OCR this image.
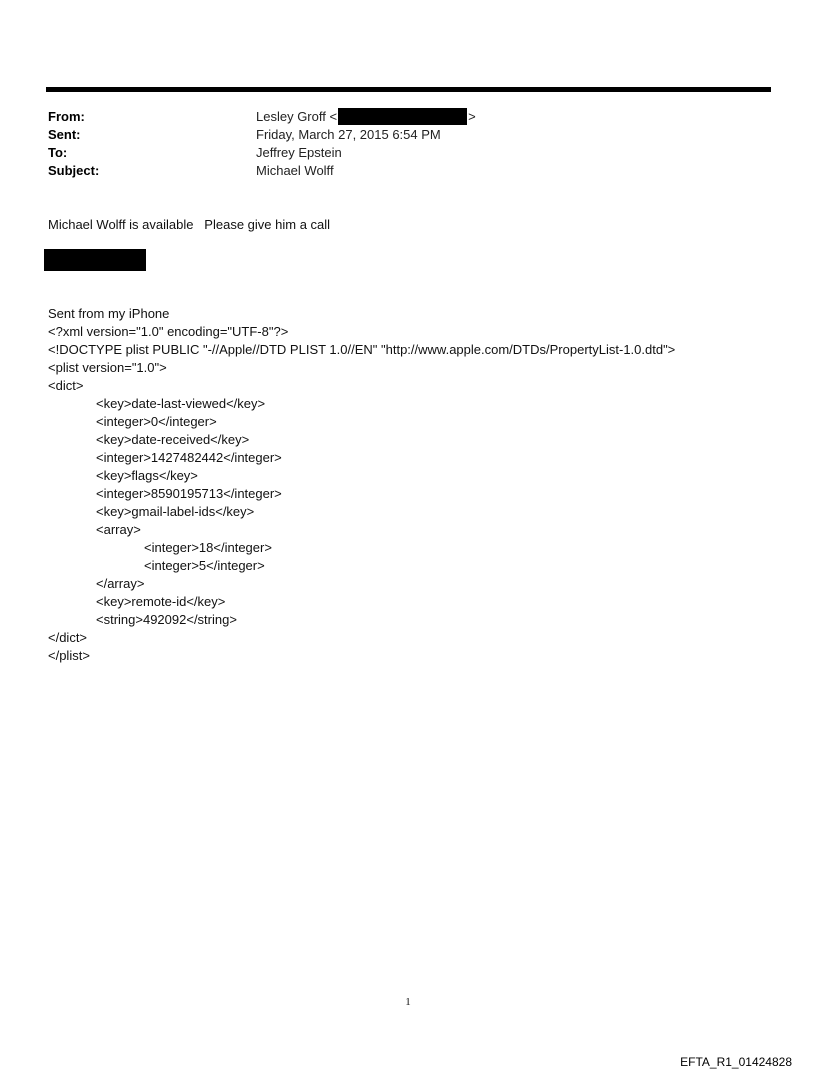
From:	Lesley Groff <	>
Sent:	Friday, March 27, 2015 6:54 PM
To:	Jeffrey Epstein
Subject:	Michael Wolff
Michael Wolff is available   Please give him a call
Sent from my iPhone
<?xml version="1.0" encoding="UTF-8"?>
<!DOCTYPE plist PUBLIC "-//Apple//DTD PLIST 1.0//EN" "http://www.apple.com/DTDs/PropertyList-1.0.dtd">
<plist version="1.0">
<dict>
<key>date-last-viewed</key>
<integer>0</integer>
<key>date-received</key>
<integer>1427482442</integer>
<key>flags</key>
<integer>8590195713</integer>
<key>gmail-label-ids</key>
<array>
<integer>18</integer>
<integer>5</integer>
</array>
<key>remote-id</key>
<string>492092</string>
</dict>
</plist>
1
EFTA_R1_01424828
